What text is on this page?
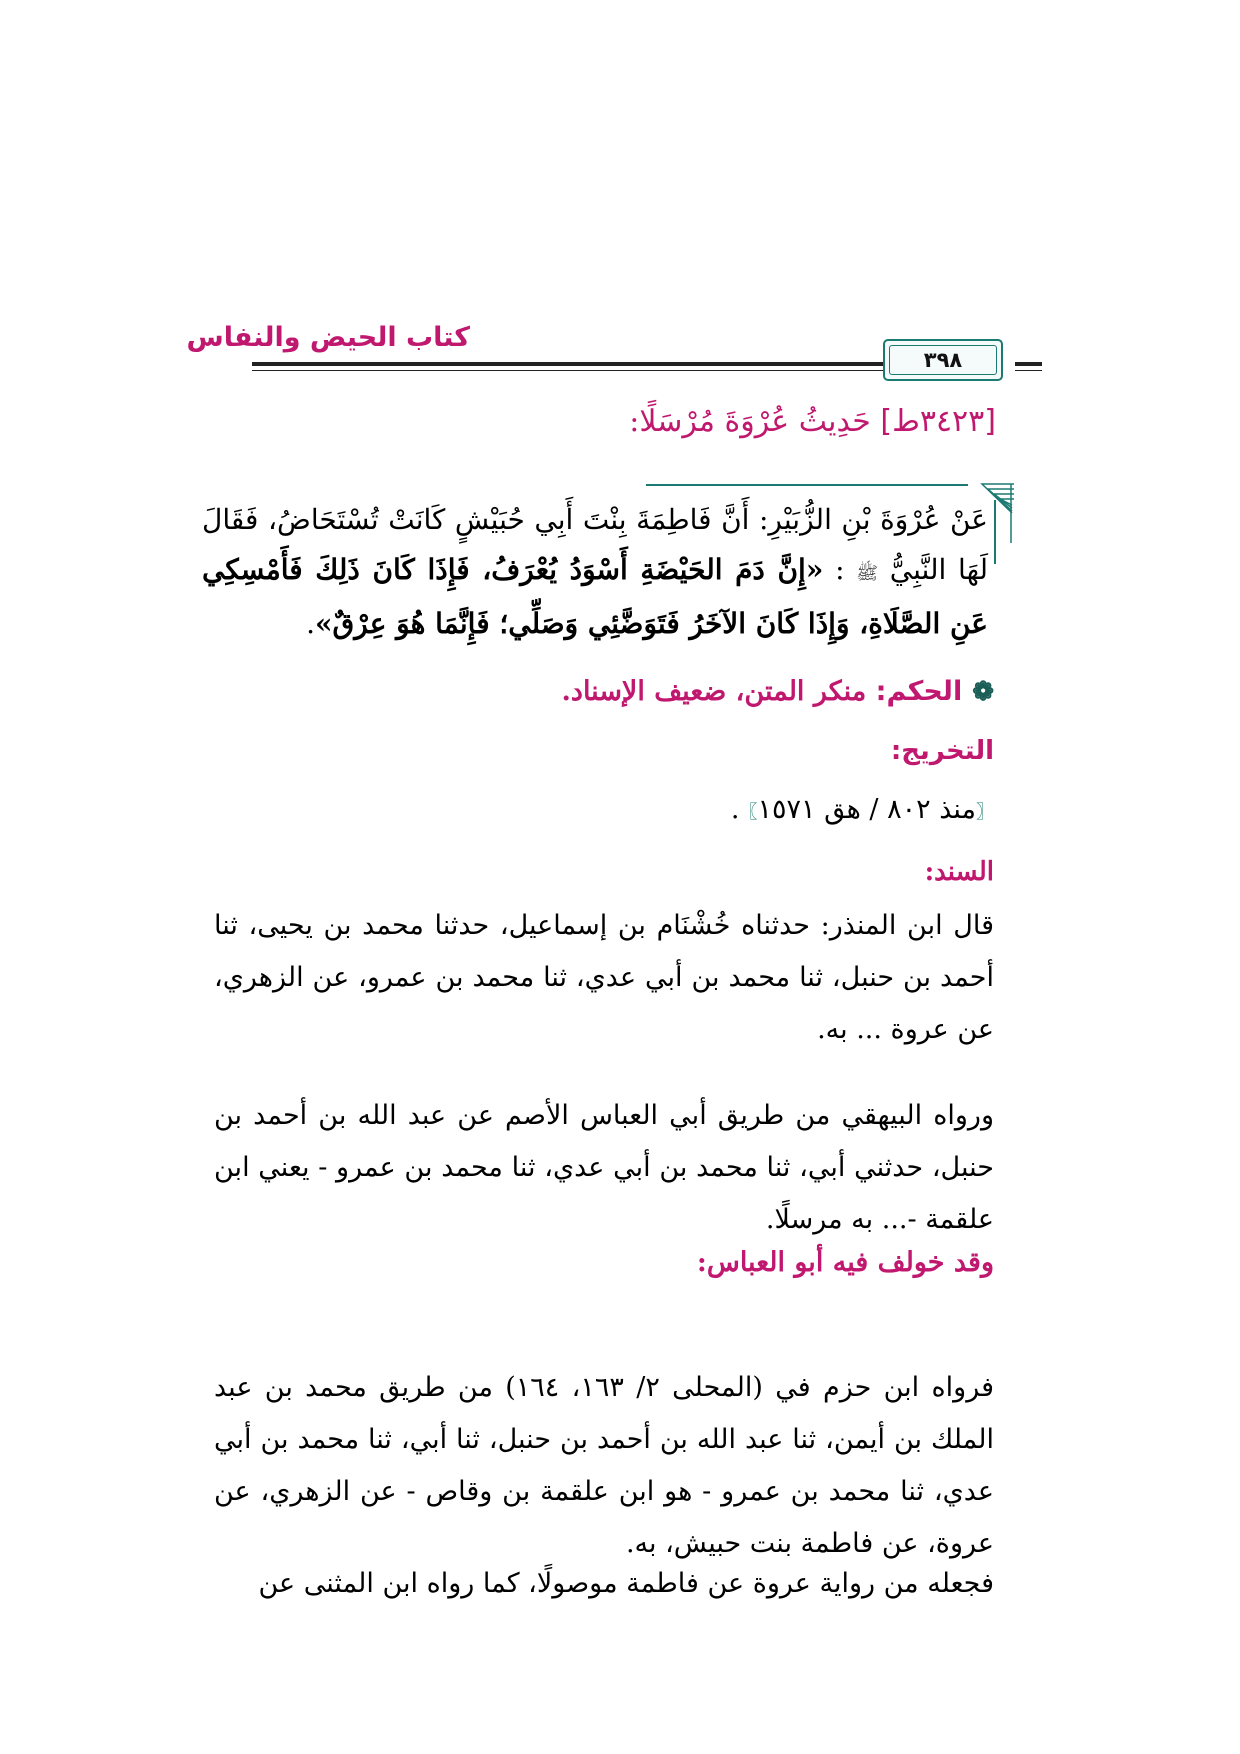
كتاب الحيض والنفاس
٣٩٨
[٣٤٢٣ط] حَدِيثُ عُرْوَةَ مُرْسَلًا:

عَنْ عُرْوَةَ بْنِ الزُّبَيْرِ: أَنَّ فَاطِمَةَ بِنْتَ أَبِي حُبَيْشٍ كَانَتْ تُسْتَحَاضُ، فَقَالَ لَهَا النَّبِيُّ ﷺ : «إِنَّ دَمَ الحَيْضَةِ أَسْوَدُ يُعْرَفُ، فَإِذَا كَانَ ذَلِكَ فَأَمْسِكِي عَنِ الصَّلَاةِ، وَإِذَا كَانَ الآخَرُ فَتَوَضَّئِي وَصَلِّي؛ فَإِنَّمَا هُوَ عِرْقٌ».

❁الحكم: منكر المتن، ضعيف الإسناد.

التخريج:

〖منذ ٨٠٢ / هق ١٥٧١〗.

السند:

قال ابن المنذر: حدثناه خُشْنَام بن إسماعيل، حدثنا محمد بن يحيى، ثنا أحمد بن حنبل، ثنا محمد بن أبي عدي، ثنا محمد بن عمرو، عن الزهري، عن عروة ... به.

ورواه البيهقي من طريق أبي العباس الأصم عن عبد الله بن أحمد بن حنبل، حدثني أبي، ثنا محمد بن أبي عدي، ثنا محمد بن عمرو - يعني ابن علقمة -... به مرسلًا.

وقد خولف فيه أبو العباس:

فرواه ابن حزم في (المحلى ٢/ ١٦٣، ١٦٤) من طريق محمد بن عبد الملك بن أيمن، ثنا عبد الله بن أحمد بن حنبل، ثنا أبي، ثنا محمد بن أبي عدي، ثنا محمد بن عمرو - هو ابن علقمة بن وقاص - عن الزهري، عن عروة، عن فاطمة بنت حبيش، به.

فجعله من رواية عروة عن فاطمة موصولًا، كما رواه ابن المثنى عن
